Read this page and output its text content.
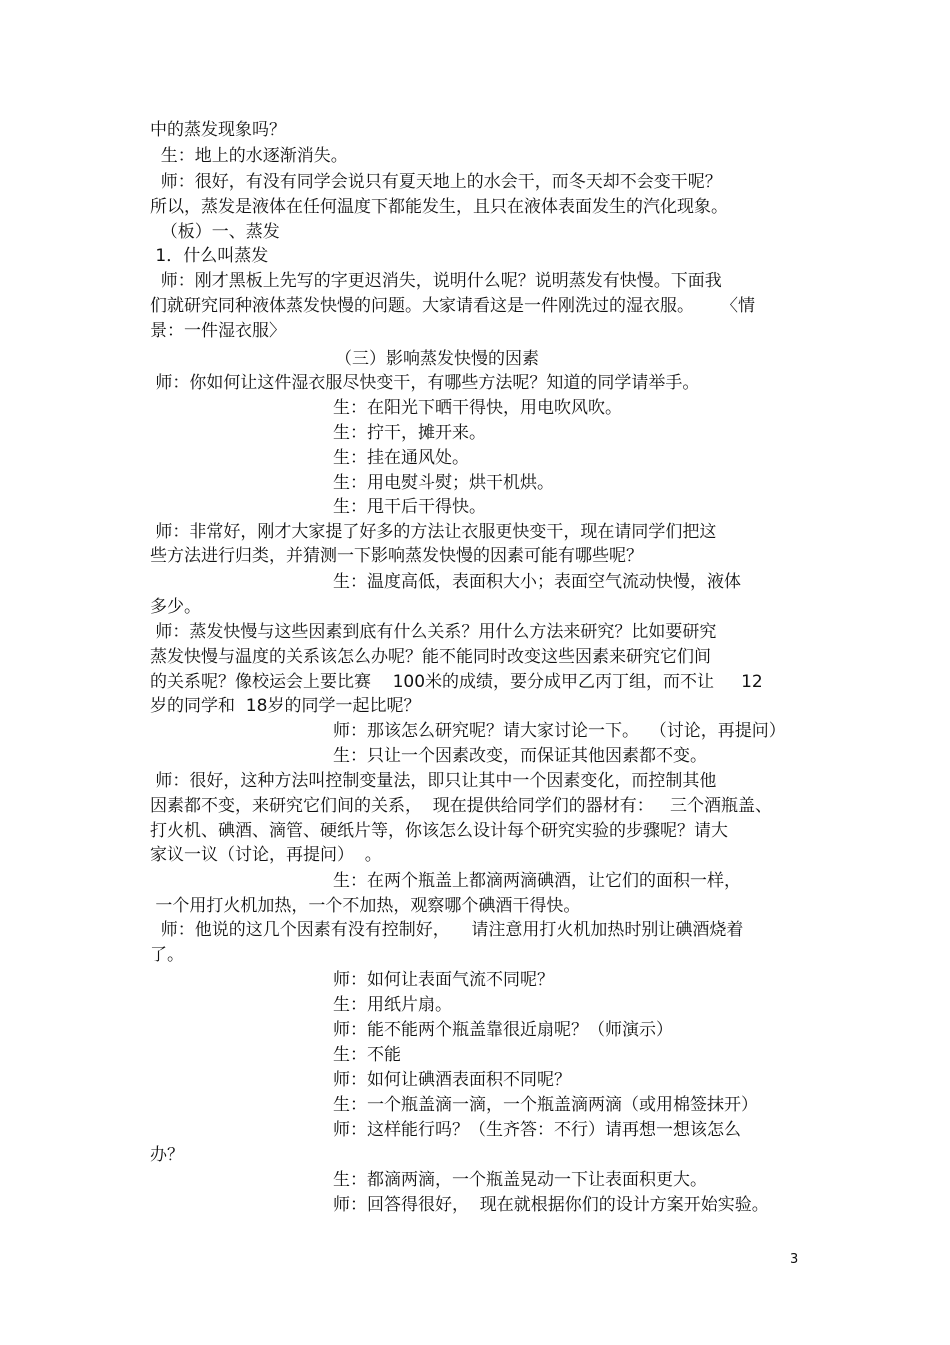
中的蒸发现象吗？
生：地上的水逐渐消失。
师：很好，有没有同学会说只有夏天地上的水会干，而冬天却不会变干呢？
所以，蒸发是液体在任何温度下都能发生，且只在液体表面发生的汽化现象。
（板）一、蒸发
1．什么叫蒸发
师：刚才黑板上先写的字更迟消失，说明什么呢？说明蒸发有快慢。下面我
们就研究同种液体蒸发快慢的问题。大家请看这是一件刚洗过的湿衣服。     〈情
景：一件湿衣服〉
（三）影响蒸发快慢的因素
师：你如何让这件湿衣服尽快变干，有哪些方法呢？知道的同学请举手。
生：在阳光下晒干得快，用电吹风吹。
生：拧干，摊开来。
生：挂在通风处。
生：用电熨斗熨；烘干机烘。
生：甩干后干得快。
师：非常好，刚才大家提了好多的方法让衣服更快变干，现在请同学们把这
些方法进行归类，并猜测一下影响蒸发快慢的因素可能有哪些呢？
生：温度高低，表面积大小；表面空气流动快慢，液体
多少。
师：蒸发快慢与这些因素到底有什么关系？用什么方法来研究？比如要研究
蒸发快慢与温度的关系该怎么办呢？能不能同时改变这些因素来研究它们间
的关系呢？像校运会上要比赛    100米的成绩，要分成甲乙丙丁组，而不让     12
岁的同学和  18岁的同学一起比呢？
师：那该怎么研究呢？请大家讨论一下。  （讨论，再提问）
生：只让一个因素改变，而保证其他因素都不变。
师：很好，这种方法叫控制变量法，即只让其中一个因素变化，而控制其他
因素都不变，来研究它们间的关系，  现在提供给同学们的器材有：   三个酒瓶盖、
打火机、碘酒、滴管、硬纸片等，你该怎么设计每个研究实验的步骤呢？请大
家议一议（讨论，再提问）  。
生：在两个瓶盖上都滴两滴碘酒，让它们的面积一样，
一个用打火机加热，一个不加热，观察哪个碘酒干得快。
师：他说的这几个因素有没有控制好，    请注意用打火机加热时别让碘酒烧着
了。
师：如何让表面气流不同呢？
生：用纸片扇。
师：能不能两个瓶盖靠很近扇呢？（师演示）
生：不能
师：如何让碘酒表面积不同呢？
生：一个瓶盖滴一滴，一个瓶盖滴两滴（或用棉签抹开）
师：这样能行吗？（生齐答：不行）请再想一想该怎么
办？
生：都滴两滴，一个瓶盖晃动一下让表面积更大。
师：回答得很好，  现在就根据你们的设计方案开始实验。
3
